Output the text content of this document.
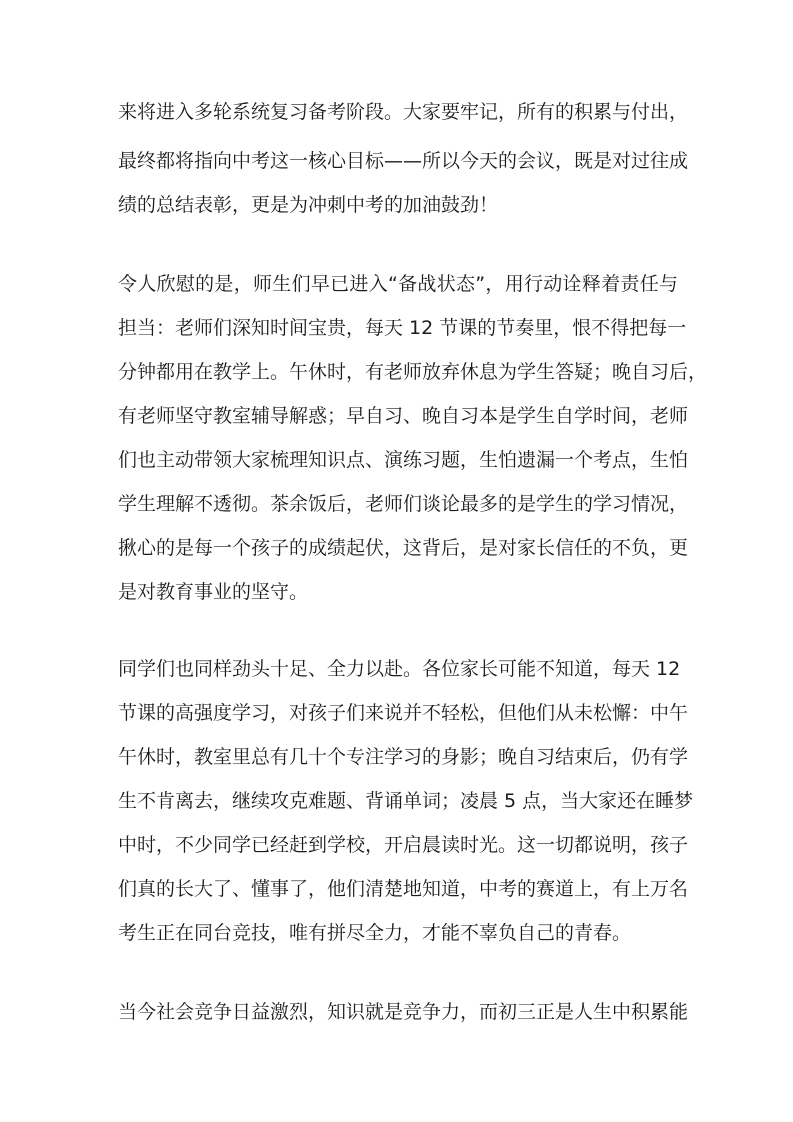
来将进入多轮系统复习备考阶段。大家要牢记，所有的积累与付出，
最终都将指向中考这一核心目标——所以今天的会议，既是对过往成
绩的总结表彰，更是为冲刺中考的加油鼓劲！
令人欣慰的是，师生们早已进入“备战状态”，用行动诠释着责任与
担当：老师们深知时间宝贵，每天 12 节课的节奏里，恨不得把每一
分钟都用在教学上。午休时，有老师放弃休息为学生答疑；晚自习后，
有老师坚守教室辅导解惑；早自习、晚自习本是学生自学时间，老师
们也主动带领大家梳理知识点、演练习题，生怕遗漏一个考点，生怕
学生理解不透彻。茶余饭后，老师们谈论最多的是学生的学习情况，
揪心的是每一个孩子的成绩起伏，这背后，是对家长信任的不负，更
是对教育事业的坚守。
同学们也同样劲头十足、全力以赴。各位家长可能不知道，每天 12
节课的高强度学习，对孩子们来说并不轻松，但他们从未松懈：中午
午休时，教室里总有几十个专注学习的身影；晚自习结束后，仍有学
生不肯离去，继续攻克难题、背诵单词；凌晨 5 点，当大家还在睡梦
中时，不少同学已经赶到学校，开启晨读时光。这一切都说明，孩子
们真的长大了、懂事了，他们清楚地知道，中考的赛道上，有上万名
考生正在同台竞技，唯有拼尽全力，才能不辜负自己的青春。
当今社会竞争日益激烈，知识就是竞争力，而初三正是人生中积累能
